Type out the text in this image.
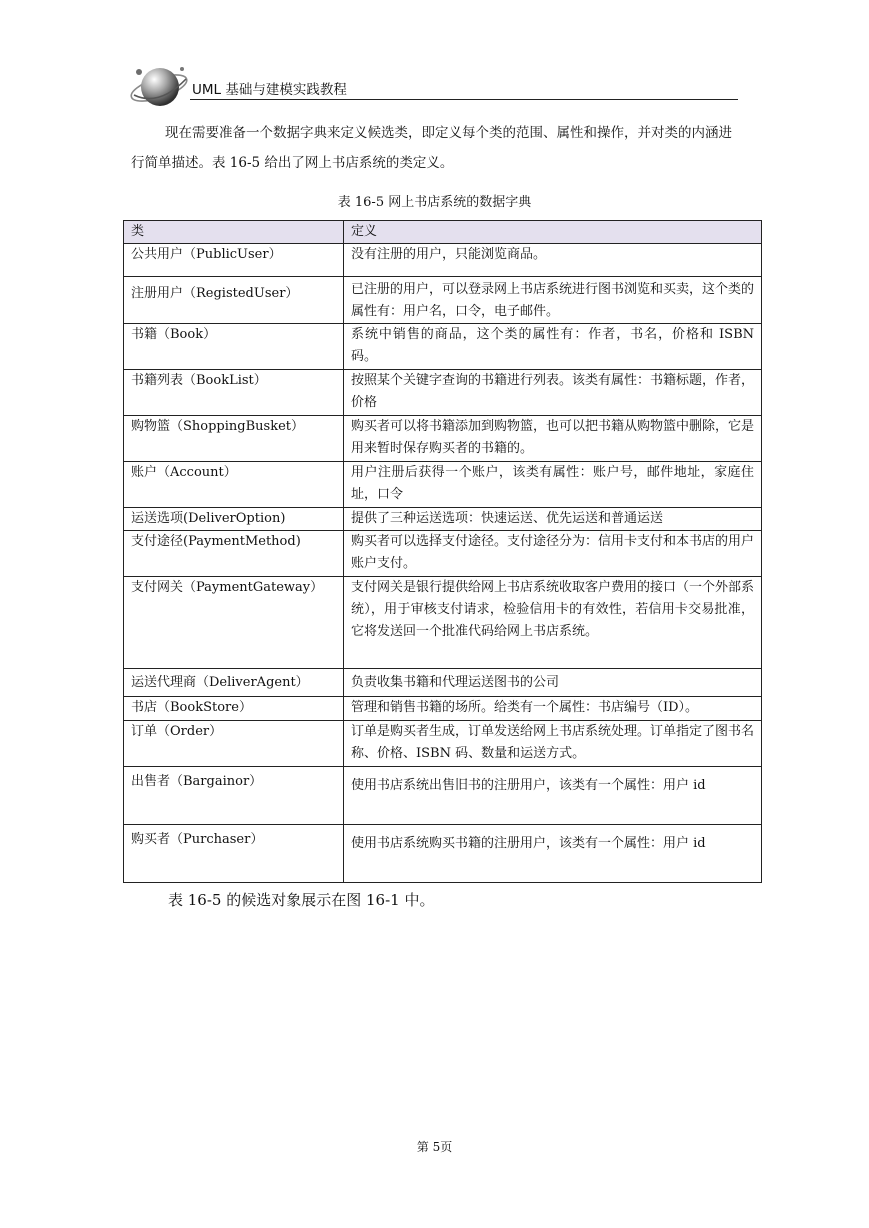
UML 基础与建模实践教程

现在需要准备一个数据字典来定义候选类，即定义每个类的范围、属性和操作，并对类的内涵进行简单描述。表 16-5 给出了网上书店系统的类定义。

表 16-5 网上书店系统的数据字典
类	定义
公共用户（PublicUser）	没有注册的用户，只能浏览商品。
注册用户（RegistedUser）	已注册的用户，可以登录网上书店系统进行图书浏览和买卖，这个类的属性有：用户名，口令，电子邮件。
书籍（Book）	系统中销售的商品，这个类的属性有：作者，书名，价格和 ISBN 码。
书籍列表（BookList）	按照某个关键字查询的书籍进行列表。该类有属性：书籍标题，作者，价格
购物篮（ShoppingBusket）	购买者可以将书籍添加到购物篮，也可以把书籍从购物篮中删除，它是用来暂时保存购买者的书籍的。
账户（Account）	用户注册后获得一个账户，该类有属性：账户号，邮件地址，家庭住址，口令
运送选项(DeliverOption)	提供了三种运送选项：快速运送、优先运送和普通运送
支付途径(PaymentMethod)	购买者可以选择支付途径。支付途径分为：信用卡支付和本书店的用户账户支付。
支付网关（PaymentGateway）	支付网关是银行提供给网上书店系统收取客户费用的接口（一个外部系统），用于审核支付请求，检验信用卡的有效性，若信用卡交易批准，它将发送回一个批准代码给网上书店系统。
运送代理商（DeliverAgent）	负责收集书籍和代理运送图书的公司
书店（BookStore）	管理和销售书籍的场所。给类有一个属性：书店编号（ID）。
订单（Order）	订单是购买者生成，订单发送给网上书店系统处理。订单指定了图书名称、价格、ISBN 码、数量和运送方式。
出售者（Bargainor）	使用书店系统出售旧书的注册用户，该类有一个属性：用户 id
购买者（Purchaser）	使用书店系统购买书籍的注册用户，该类有一个属性：用户 id

表 16-5 的候选对象展示在图 16-1 中。

第 5页
